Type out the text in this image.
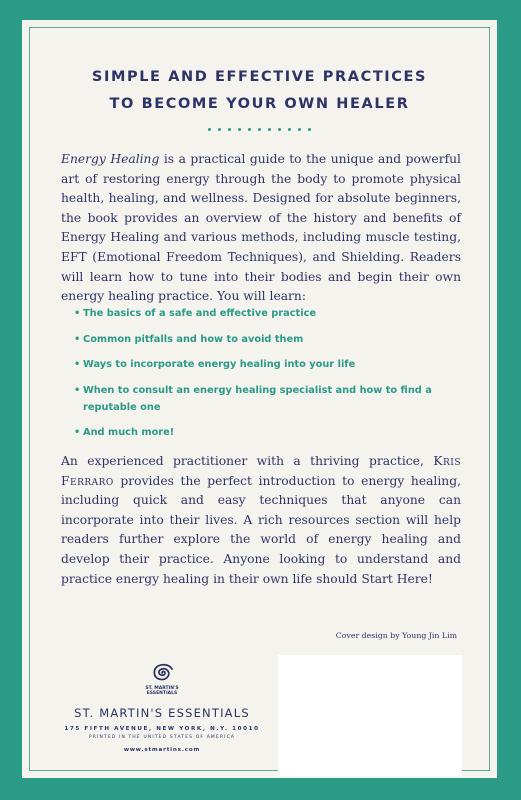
SIMPLE AND EFFECTIVE PRACTICES
TO BECOME YOUR OWN HEALER

Energy Healing is a practical guide to the unique and powerful art of restoring energy through the body to promote physical health, healing, and wellness. Designed for absolute beginners, the book provides an overview of the history and benefits of Energy Healing and various methods, including muscle testing, EFT (Emotional Freedom Techniques), and Shielding. Readers will learn how to tune into their bodies and begin their own energy healing practice. You will learn:

• The basics of a safe and effective practice
• Common pitfalls and how to avoid them
• Ways to incorporate energy healing into your life
• When to consult an energy healing specialist and how to find a reputable one
• And much more!

An experienced practitioner with a thriving practice, Kris Ferraro provides the perfect introduction to energy healing, including quick and easy techniques that anyone can incorporate into their lives. A rich resources section will help readers further explore the world of energy healing and develop their practice. Anyone looking to understand and practice energy healing in their own life should Start Here!

Cover design by Young Jin Lim
ST. MARTIN'S
ESSENTIALS
ST. MARTIN'S ESSENTIALS
175 FIFTH AVENUE, NEW YORK, N.Y. 10010
PRINTED IN THE UNITED STATES OF AMERICA
www.stmartins.com
